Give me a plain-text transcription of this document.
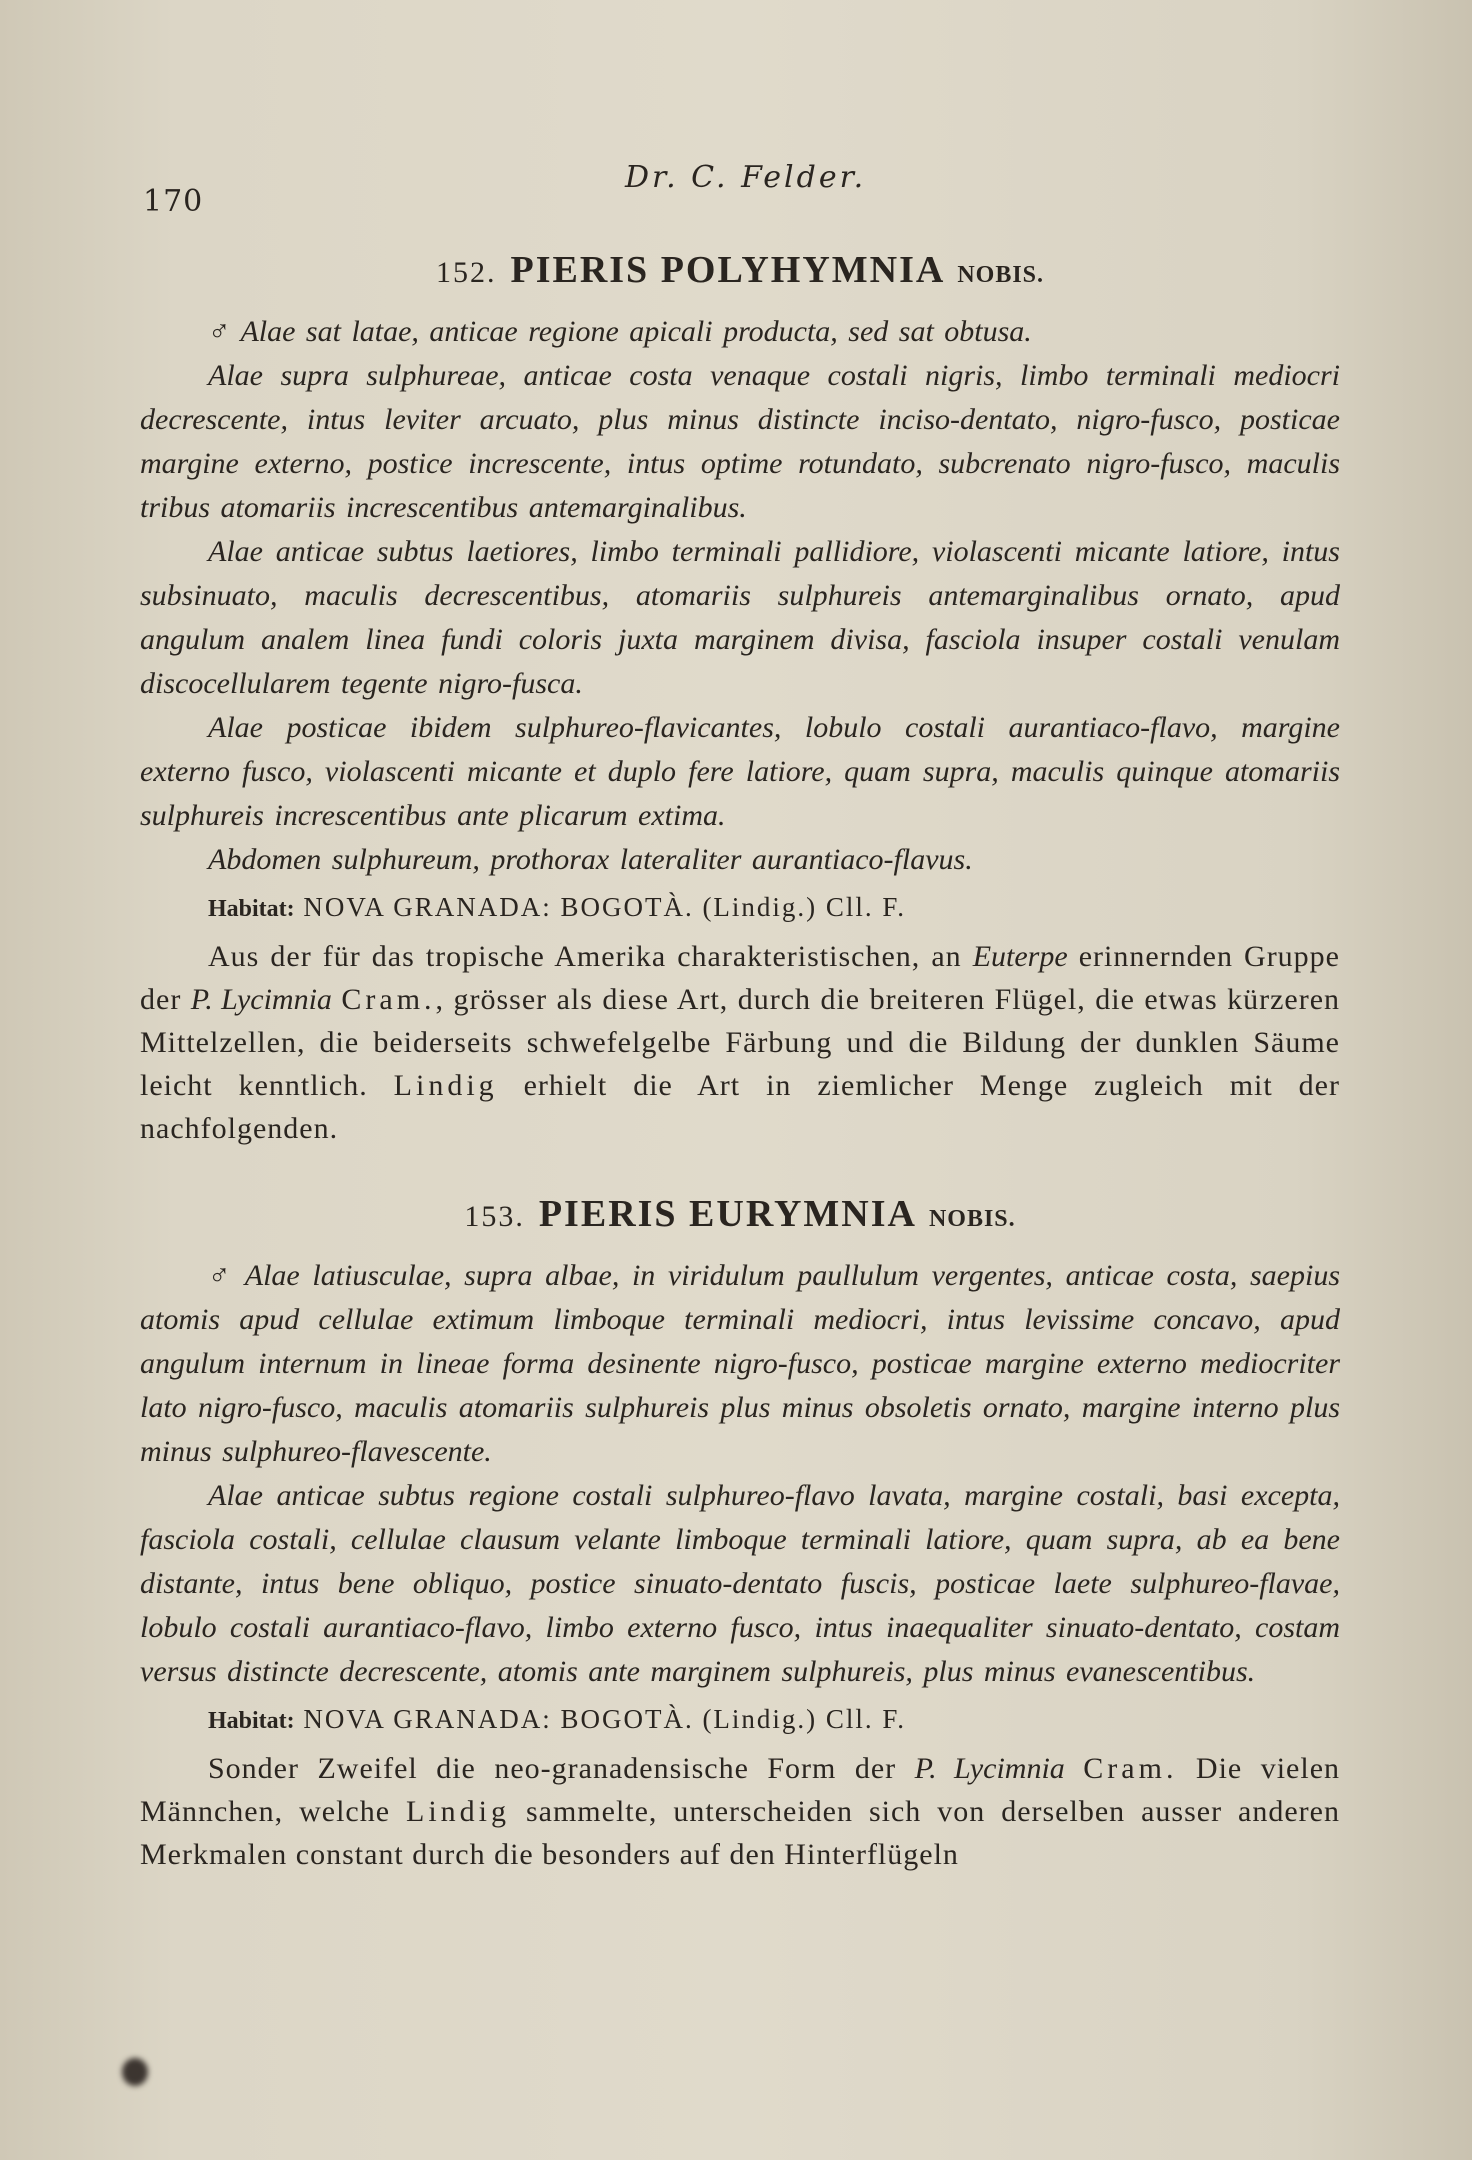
170
Dr. C. Felder.
152. PIERIS POLYHYMNIA NOBIS.

♂ Alae sat latae, anticae regione apicali producta, sed sat obtusa.

Alae supra sulphureae, anticae costa venaque costali nigris, limbo terminali mediocri decrescente, intus leviter arcuato, plus minus distincte inciso-dentato, nigro-fusco, posticae margine externo, postice increscente, intus optime rotundato, subcrenato nigro-fusco, maculis tribus atomariis increscentibus antemarginalibus.

Alae anticae subtus laetiores, limbo terminali pallidiore, violascenti micante latiore, intus subsinuato, maculis decrescentibus, atomariis sulphureis antemarginalibus ornato, apud angulum analem linea fundi coloris juxta marginem divisa, fasciola insuper costali venulam discocellularem tegente nigro-fusca.

Alae posticae ibidem sulphureo-flavicantes, lobulo costali aurantiaco-flavo, margine externo fusco, violascenti micante et duplo fere latiore, quam supra, maculis quinque atomariis sulphureis increscentibus ante plicarum extima.

Abdomen sulphureum, prothorax lateraliter aurantiaco-flavus.

Habitat: NOVA GRANADA: BOGOTÀ. (Lindig.) Cll. F.

Aus der für das tropische Amerika charakteristischen, an Euterpe erinnernden Gruppe der P. Lycimnia Cram., grösser als diese Art, durch die breiteren Flügel, die etwas kürzeren Mittelzellen, die beiderseits schwefelgelbe Färbung und die Bildung der dunklen Säume leicht kenntlich. Lindig erhielt die Art in ziemlicher Menge zugleich mit der nachfolgenden.

153. PIERIS EURYMNIA NOBIS.

♂ Alae latiusculae, supra albae, in viridulum paullulum vergentes, anticae costa, saepius atomis apud cellulae extimum limboque terminali mediocri, intus levissime concavo, apud angulum internum in lineae forma desinente nigro-fusco, posticae margine externo mediocriter lato nigro-fusco, maculis atomariis sulphureis plus minus obsoletis ornato, margine interno plus minus sulphureo-flavescente.

Alae anticae subtus regione costali sulphureo-flavo lavata, margine costali, basi excepta, fasciola costali, cellulae clausum velante limboque terminali latiore, quam supra, ab ea bene distante, intus bene obliquo, postice sinuato-dentato fuscis, posticae laete sulphureo-flavae, lobulo costali aurantiaco-flavo, limbo externo fusco, intus inaequaliter sinuato-dentato, costam versus distincte decrescente, atomis ante marginem sulphureis, plus minus evanescentibus.

Habitat: NOVA GRANADA: BOGOTÀ. (Lindig.) Cll. F.

Sonder Zweifel die neo-granadensische Form der P. Lycimnia Cram. Die vielen Männchen, welche Lindig sammelte, unterscheiden sich von derselben ausser anderen Merkmalen constant durch die besonders auf den Hinterflügeln
